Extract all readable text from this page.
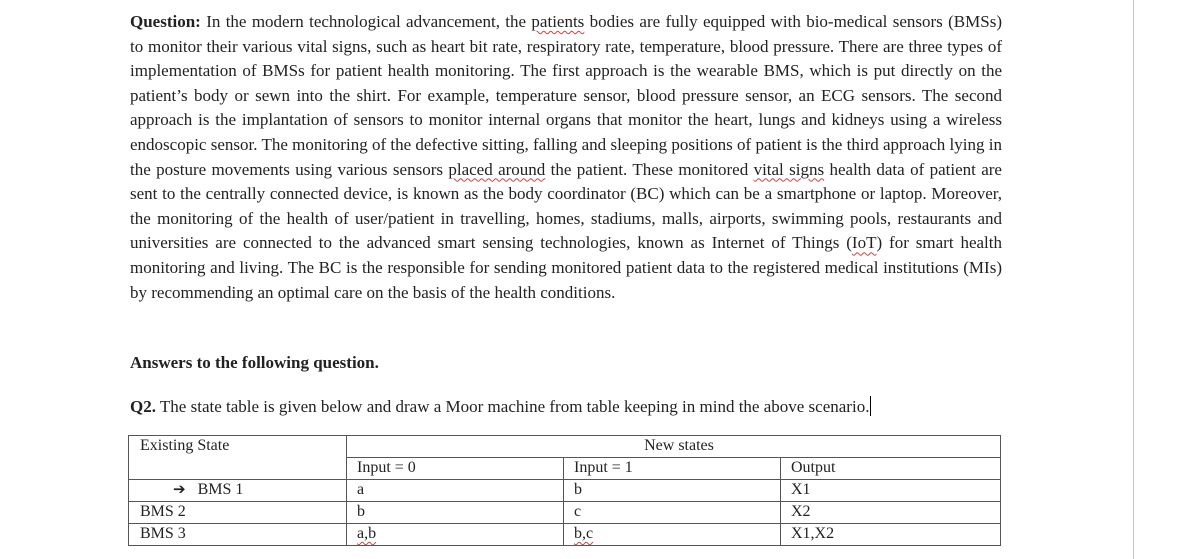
Question: In the modern technological advancement, the patients bodies are fully equipped with bio-medical sensors (BMSs) to monitor their various vital signs, such as heart bit rate, respiratory rate, temperature, blood pressure. There are three types of implementation of BMSs for patient health monitoring. The first approach is the wearable BMS, which is put directly on the patient’s body or sewn into the shirt. For example, temperature sensor, blood pressure sensor, an ECG sensors. The second approach is the implantation of sensors to monitor internal organs that monitor the heart, lungs and kidneys using a wireless endoscopic sensor. The monitoring of the defective sitting, falling and sleeping positions of patient is the third approach lying in the posture movements using various sensors placed around the patient. These monitored vital signs health data of patient are sent to the centrally connected device, is known as the body coordinator (BC) which can be a smartphone or laptop. Moreover, the monitoring of the health of user/patient in travelling, homes, stadiums, malls, airports, swimming pools, restaurants and universities are connected to the advanced smart sensing technologies, known as Internet of Things (IoT) for smart health monitoring and living. The BC is the responsible for sending monitored patient data to the registered medical institutions (MIs) by recommending an optimal care on the basis of the health conditions.

Answers to the following question.

Q2. The state table is given below and draw a Moor machine from table keeping in mind the above scenario.

Existing State	New states		
	Input = 0	Input = 1	Output
➔ BMS 1	a	b	X1
BMS 2	b	c	X2
BMS 3	a,b	b,c	X1,X2
